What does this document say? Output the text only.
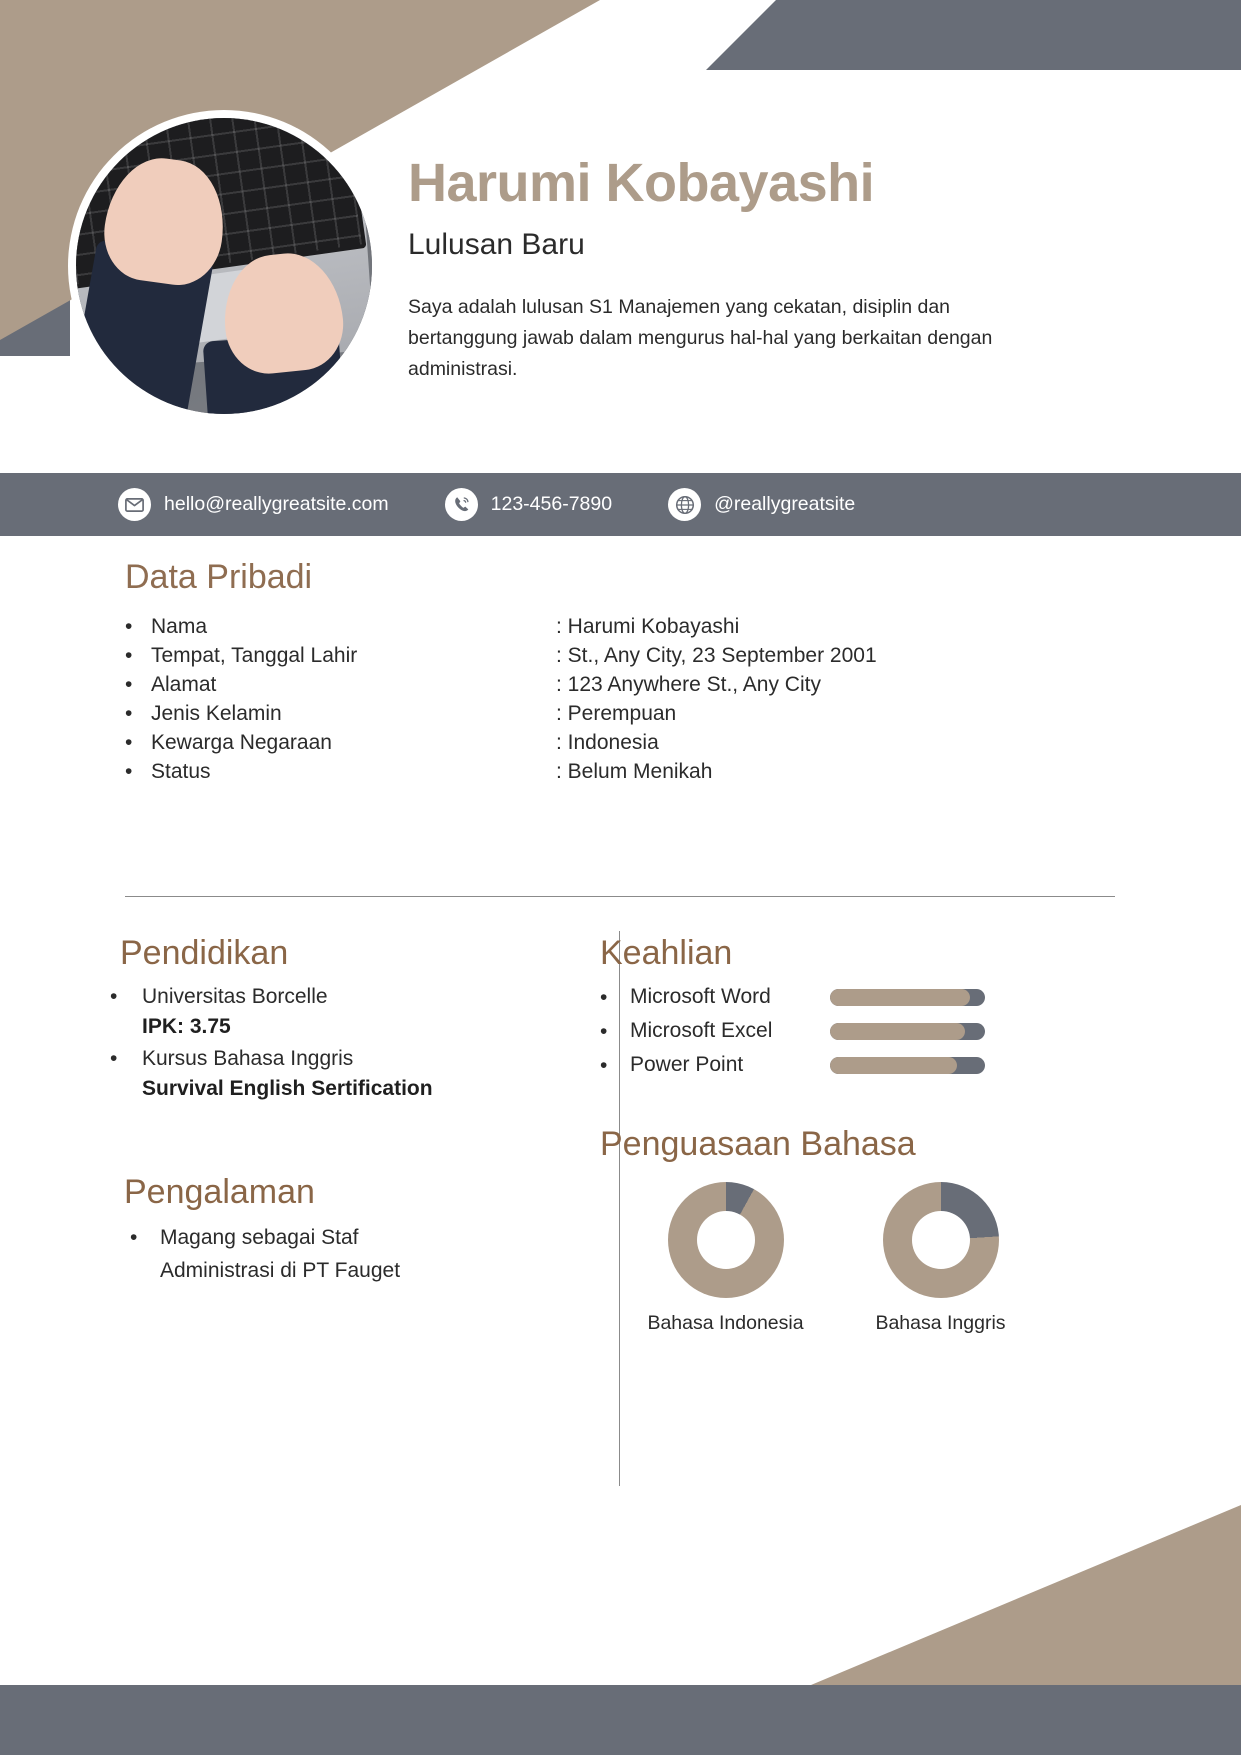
Harumi Kobayashi
Lulusan Baru
Saya adalah lulusan S1 Manajemen yang cekatan, disiplin dan bertanggung jawab dalam mengurus hal-hal yang berkaitan dengan administrasi.
hello@reallygreatsite.com	123-456-7890	@reallygreatsite
Data Pribadi
• Nama	: Harumi Kobayashi
• Tempat, Tanggal Lahir	: St., Any City, 23 September 2001
• Alamat	: 123 Anywhere St., Any City
• Jenis Kelamin	: Perempuan
• Kewarga Negaraan	: Indonesia
• Status	: Belum Menikah
Pendidikan
•	Universitas Borcelle
IPK: 3.75
•	Kursus Bahasa Inggris
Survival English Sertification
Pengalaman
•	Magang sebagai Staf Administrasi di PT Fauget
Keahlian
•	Microsoft Word
•	Microsoft Excel
•	Power Point
Penguasaan Bahasa
Bahasa Indonesia	Bahasa Inggris
